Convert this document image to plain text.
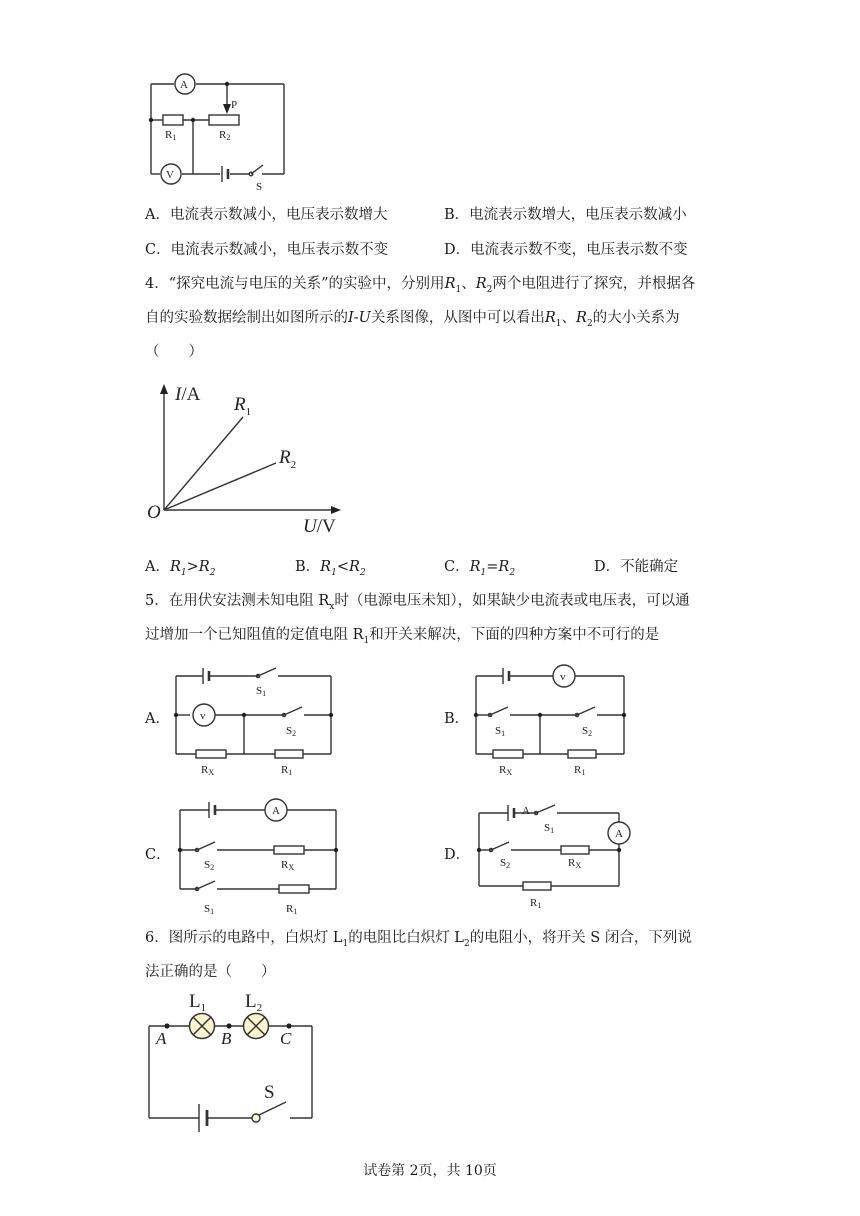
A
V
P
R1	R2
S
A．电流表示数减小，电压表示数增大	B．电流表示数增大，电压表示数减小
C．电流表示数减小，电压表示数不变	D．电流表示数不变，电压表示数不变
4．“探究电流与电压的关系”的实验中，分别用$R_1$、$R_2$两个电阻进行了探究，并根据各
自的实验数据绘制出如图所示的I-U关系图像，从图中可以看出$R_1$、$R_2$的大小关系为
（　　）
I/A
U/V
O
$R_1$
$R_2$
A．$R_1>R_2$	B．$R_1<R_2$	C．$R_1=R_2$	D．不能确定
5．在用伏安法测未知电阻 $R_x$时（电源电压未知），如果缺少电流表或电压表，可以通
过增加一个已知阻值的定值电阻 $R_1$和开关来解决，下面的四种方案中不可行的是
A．	B．
C．	D．
v
S1
S2
RX	R1
v
S1	S2
RX	R1
A
S2	RX
S1	R1
A
A
S1
S2	RX
R1
6．图所示的电路中，白炽灯 $L_1$的电阻比白炽灯 $L_2$的电阻小，将开关 S 闭合，下列说
法正确的是（　　）
$L_1$ $L_2$
A	B	C
S
试卷第 2页，共 10页
